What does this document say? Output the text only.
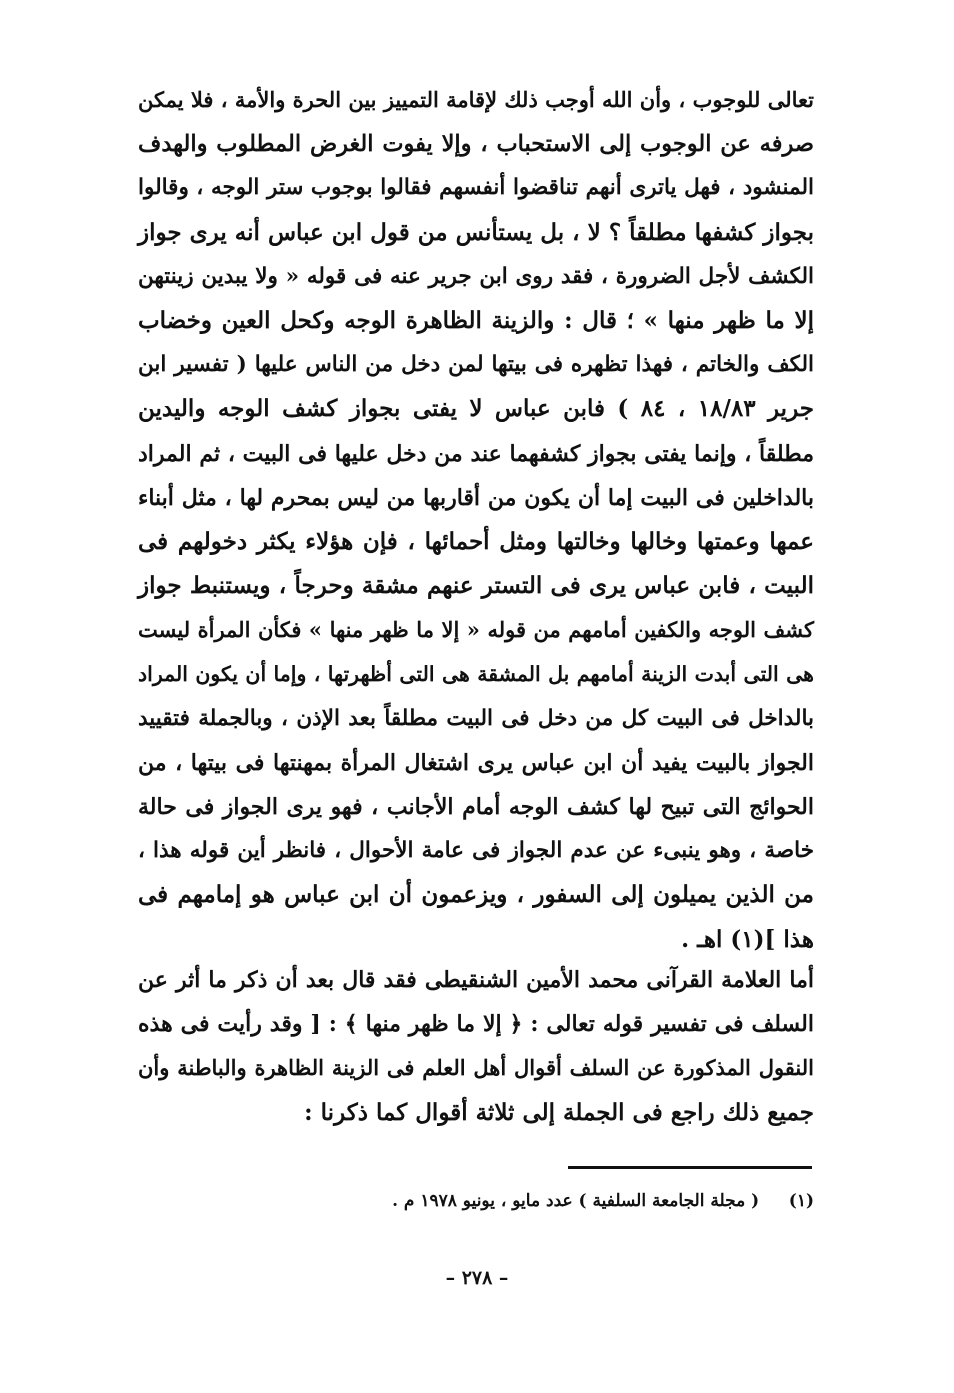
تعالى للوجوب ، وأن الله أوجب ذلك لإقامة التمييز بين الحرة والأمة ، فلا يمكن
صرفه عن الوجوب إلى الاستحباب ، وإلا يفوت الغرض المطلوب والهدف
المنشود ، فهل ياترى أنهم تناقضوا أنفسهم فقالوا بوجوب ستر الوجه ، وقالوا
بجواز كشفها مطلقاً ؟ لا ، بل يستأنس من قول ابن عباس أنه يرى جواز
الكشف لأجل الضرورة ، فقد روى ابن جرير عنه فى قوله « ولا يبدين زينتهن
إلا ما ظهر منها » ؛ قال : والزينة الظاهرة الوجه وكحل العين وخضاب
الكف والخاتم ، فهذا تظهره فى بيتها لمن دخل من الناس عليها ( تفسير ابن
جرير ١٨/٨٣ ، ٨٤ ) فابن عباس لا يفتى بجواز كشف الوجه واليدين
مطلقاً ، وإنما يفتى بجواز كشفهما عند من دخل عليها فى البيت ، ثم المراد
بالداخلين فى البيت إما أن يكون من أقاربها من ليس بمحرم لها ، مثل أبناء
عمها وعمتها وخالها وخالتها ومثل أحمائها ، فإن هؤلاء يكثر دخولهم فى
البيت ، فابن عباس يرى فى التستر عنهم مشقة وحرجاً ، ويستنبط جواز
كشف الوجه والكفين أمامهم من قوله « إلا ما ظهر منها » فكأن المرأة ليست
هى التى أبدت الزينة أمامهم بل المشقة هى التى أظهرتها ، وإما أن يكون المراد
بالداخل فى البيت كل من دخل فى البيت مطلقاً بعد الإذن ، وبالجملة فتقييد
الجواز بالبيت يفيد أن ابن عباس يرى اشتغال المرأة بمهنتها فى بيتها ، من
الحوائج التى تبيح لها كشف الوجه أمام الأجانب ، فهو يرى الجواز فى حالة
خاصة ، وهو ينبىء عن عدم الجواز فى عامة الأحوال ، فانظر أين قوله هذا ،
من الذين يميلون إلى السفور ، ويزعمون أن ابن عباس هو إمامهم فى
هذا ](١) اهـ .
أما العلامة القرآنى محمد الأمين الشنقيطى فقد قال بعد أن ذكر ما أثر عن
السلف فى تفسير قوله تعالى : ﴿ إلا ما ظهر منها ﴾ : [ وقد رأيت فى هذه
النقول المذكورة عن السلف أقوال أهل العلم فى الزينة الظاهرة والباطنة وأن
جميع ذلك راجع فى الجملة إلى ثلاثة أقوال كما ذكرنا :
(١)     ( مجلة الجامعة السلفية ) عدد مايو ، يونيو ١٩٧٨ م .
– ٢٧٨ –
